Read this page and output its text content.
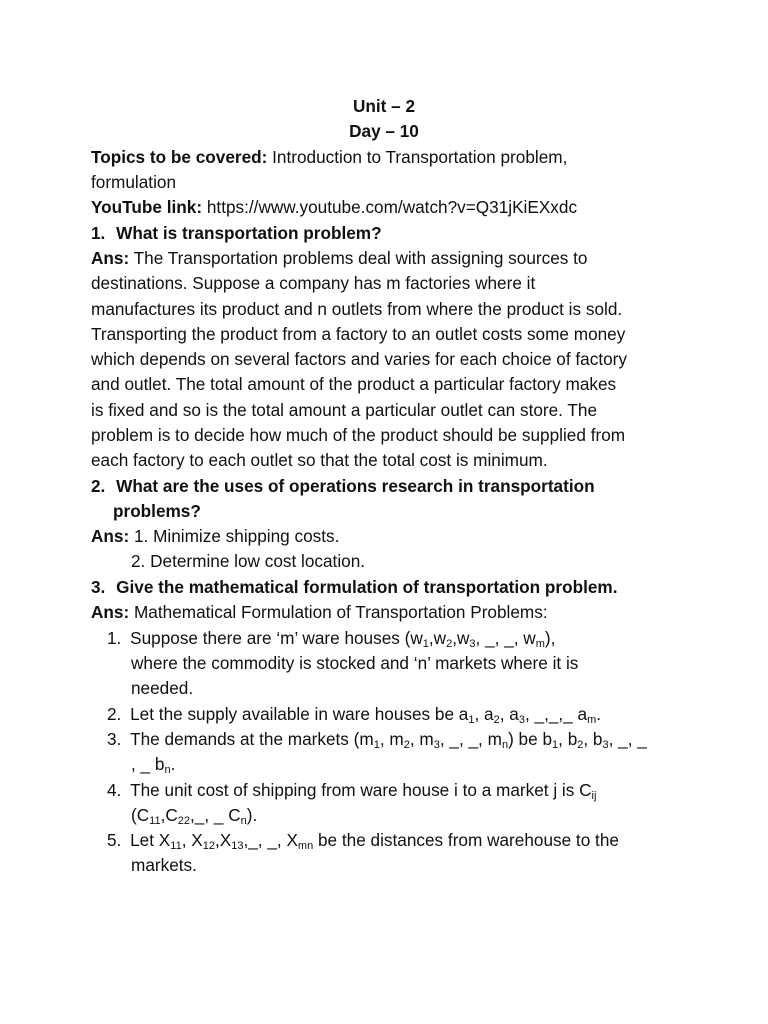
Unit – 2
Day – 10
Topics to be covered: Introduction to Transportation problem,
formulation
YouTube link: https://www.youtube.com/watch?v=Q31jKiEXxdc
1. What is transportation problem?
Ans: The Transportation problems deal with assigning sources to
destinations. Suppose a company has m factories where it
manufactures its product and n outlets from where the product is sold.
Transporting the product from a factory to an outlet costs some money
which depends on several factors and varies for each choice of factory
and outlet. The total amount of the product a particular factory makes
is fixed and so is the total amount a particular outlet can store. The
problem is to decide how much of the product should be supplied from
each factory to each outlet so that the total cost is minimum.
2. What are the uses of operations research in transportation
problems?
Ans: 1. Minimize shipping costs.
2. Determine low cost location.
3. Give the mathematical formulation of transportation problem.
Ans: Mathematical Formulation of Transportation Problems:
1. Suppose there are ‘m’ ware houses ($w_1,w_2,w_3$, _, _, $w_m$),
where the commodity is stocked and ‘n’ markets where it is
needed.
2. Let the supply available in ware houses be $a_1$, $a_2$, $a_3$, _,_,_ $a_m$.
3. The demands at the markets ($m_1$, $m_2$, $m_3$, _, _, $m_n$) be $b_1$, $b_2$, $b_3$, _, _
, _ $b_n$.
4. The unit cost of shipping from ware house i to a market j is $C_{ij}$
($C_{11},C_{22},\_$, _ $C_n$).
5. Let $X_{11}$, $X_{12},X_{13},\_$, _, $X_{mn}$ be the distances from warehouse to the
markets.
